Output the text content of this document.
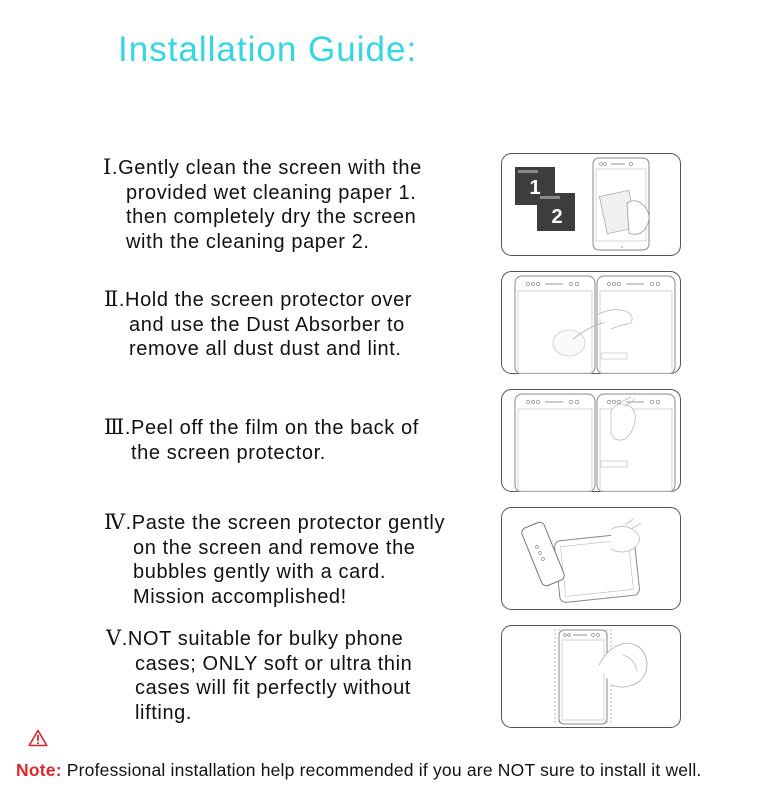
Installation Guide:
Ⅰ.Gently clean the screen with the
provided wet cleaning paper 1.
then completely dry the screen
with the cleaning paper 2.
Ⅱ.Hold the screen protector over
and use the Dust Absorber to
remove all dust dust and lint.
Ⅲ.Peel off the film on the back of
the screen protector.
Ⅳ.Paste the screen protector gently
on the screen and remove the
bubbles gently with a card.
Mission accomplished!
Ⅴ.NOT suitable for bulky phone
cases; ONLY soft or ultra thin
cases will fit perfectly without
lifting.
1
2
Note: Professional installation help recommended if you are NOT sure to install it well.
